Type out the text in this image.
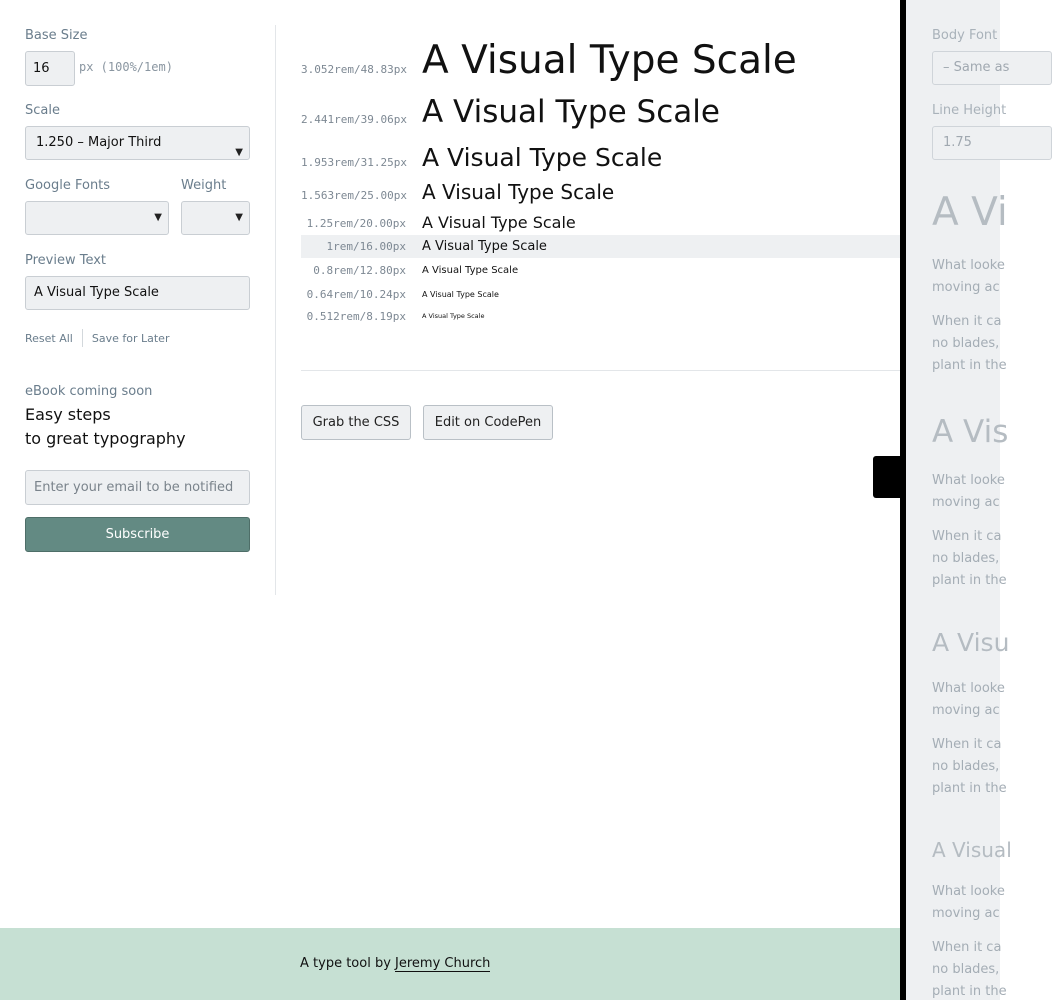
Base Size
16	px (100%/1em)
Scale
1.250 – Major Third
▼
Google Fonts	Weight
▼	▼
Preview Text
A Visual Type Scale
Reset All Save for Later
eBook coming soon
Easy steps
to great typography
Enter your email to be notified
Subscribe
3.052rem/48.83px A Visual Type Scale
2.441rem/39.06px A Visual Type Scale
1.953rem/31.25px A Visual Type Scale
1.563rem/25.00px A Visual Type Scale
1.25rem/20.00px A Visual Type Scale
1rem/16.00px A Visual Type Scale
0.8rem/12.80px A Visual Type Scale
0.64rem/10.24px A Visual Type Scale
0.512rem/8.19px A Visual Type Scale
Grab the CSS	Edit on CodePen
Body Font
– Same as
Line Height
1.75
A Vi
What looke
moving ac
When it ca
no blades,
plant in the
A Vis
What looke
moving ac
When it ca
no blades,
plant in the
A Visu
What looke
moving ac
When it ca
no blades,
plant in the
A Visual
What looke
moving ac
When it ca
no blades,
plant in the
A type tool by Jeremy Church
